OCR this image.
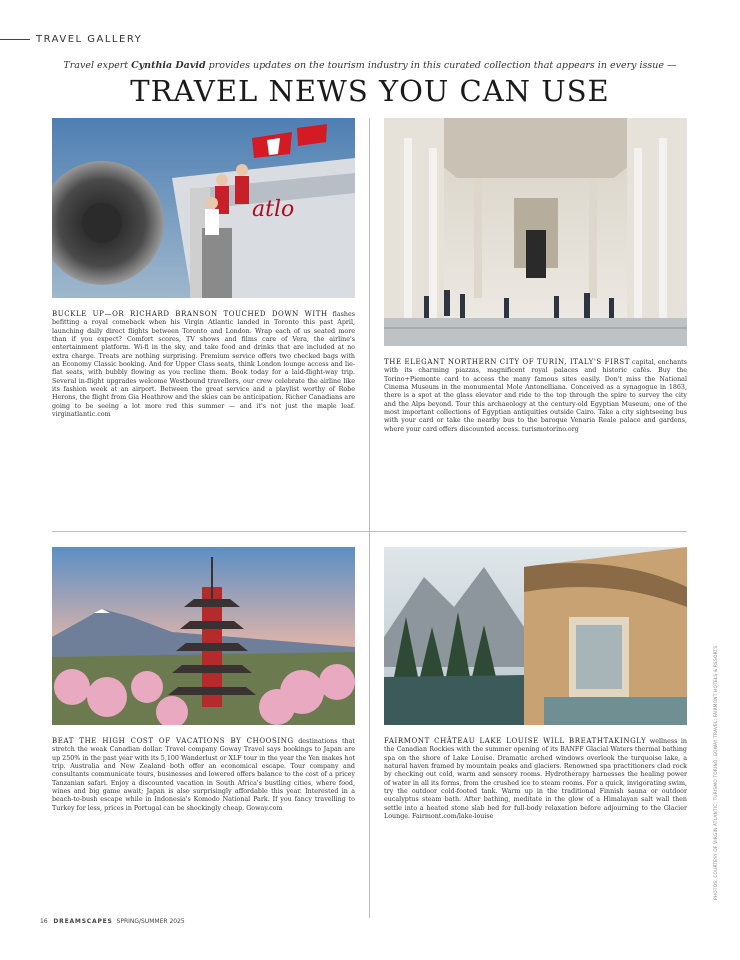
TRAVEL GALLERY
Travel expert Cynthia David provides updates on the tourism industry in this curated collection that appears in every issue —
TRAVEL NEWS YOU CAN USE
atlo
BUCKLE UP—OR RICHARD BRANSON TOUCHED DOWN WITH flashes befitting a royal comeback when his Virgin Atlantic landed in Toronto this past April, launching daily direct flights between Toronto and London. Wrap each of us seated more than if you expect? Comfort scores, TV shows and films care of Vera, the airline's entertainment platform. Wi-fi in the sky, and take food and drinks that are included at no extra charge. Treats are nothing surprising. Premium service offers two checked bags with an Economy Classic booking. And for Upper Class seats, think London lounge access and lie-flat seats, with bubbly flowing as you recline them. Book today for a laid-flight-way trip. Several in-flight upgrades welcome Westbound travellers, our crew celebrate the airline like its fashion week at an airport. Between the great service and a playlist worthy of Robe Herons, the flight from Gia Heathrow and the skies can be anticipation. Richer Canadians are going to be seeing a lot more red this summer — and it's not just the maple leaf. virginatlantic.com
THE ELEGANT NORTHERN CITY OF TURIN, ITALY'S FIRST capital, enchants with its charming piazzas, magnificent royal palaces and historic cafés. Buy the Torino+Piemonte card to access the many famous sites easily. Don't miss the National Cinema Museum in the monumental Mole Antonelliana. Conceived as a synagogue in 1863, there is a spot at the glass elevator and ride to the top through the spire to survey the city and the Alps beyond. Tour this archaeology at the century-old Egyptian Museum, one of the most important collections of Egyptian antiquities outside Cairo. Take a city sightseeing bus with your card or take the nearby bus to the baroque Venaria Reale palace and gardens, where your card offers discounted access. turismotorino.org
BEAT THE HIGH COST OF VACATIONS BY CHOOSING destinations that stretch the weak Canadian dollar. Travel company Goway Travel says bookings to Japan are up 250% in the past year with its 5,100 Wanderlust or XLF tour in the year the Yen makes hot trip. Australia and New Zealand both offer an economical escape. Tour company and consultants communicate tours, businesses and lowered offers balance to the cost of a pricey Tanzanian safari. Enjoy a discounted vacation in South Africa's bustling cities, where food, wines and big game await; Japan is also surprisingly affordable this year. Interested in a beach-to-bush escape while in Indonesia's Komodo National Park. If you fancy travelling to Turkey for less, prices in Portugal can be shockingly cheap. Goway.com
FAIRMONT CHÂTEAU LAKE LOUISE WILL BREATHTAKINGLY wellness in the Canadian Rockies with the summer opening of its BANFF Glacial Waters thermal bathing spa on the shore of Lake Louise. Dramatic arched windows overlook the turquoise lake, a natural haven framed by mountain peaks and glaciers. Renowned spa practitioners clad rock by checking out cold, warm and sensory rooms. Hydrotherapy harnesses the healing power of water in all its forms, from the crushed ice to steam rooms. For a quick, invigorating swim, try the outdoor cold-footed tank. Warm up in the traditional Finnish sauna or outdoor eucalyptus steam bath. After bathing, meditate in the glow of a Himalayan salt wall then settle into a heated stone slab bed for full-body relaxation before adjourning to the Glacier Lounge. Fairmont.com/lake-louise	PHOTOS: COURTESY OF VIRGIN ATLANTIC; TURISMO TORINO; GOWAY TRAVEL; FAIRMONT HOTELS & RESORTS
16 DREAMSCAPES SPRING/SUMMER 2025
